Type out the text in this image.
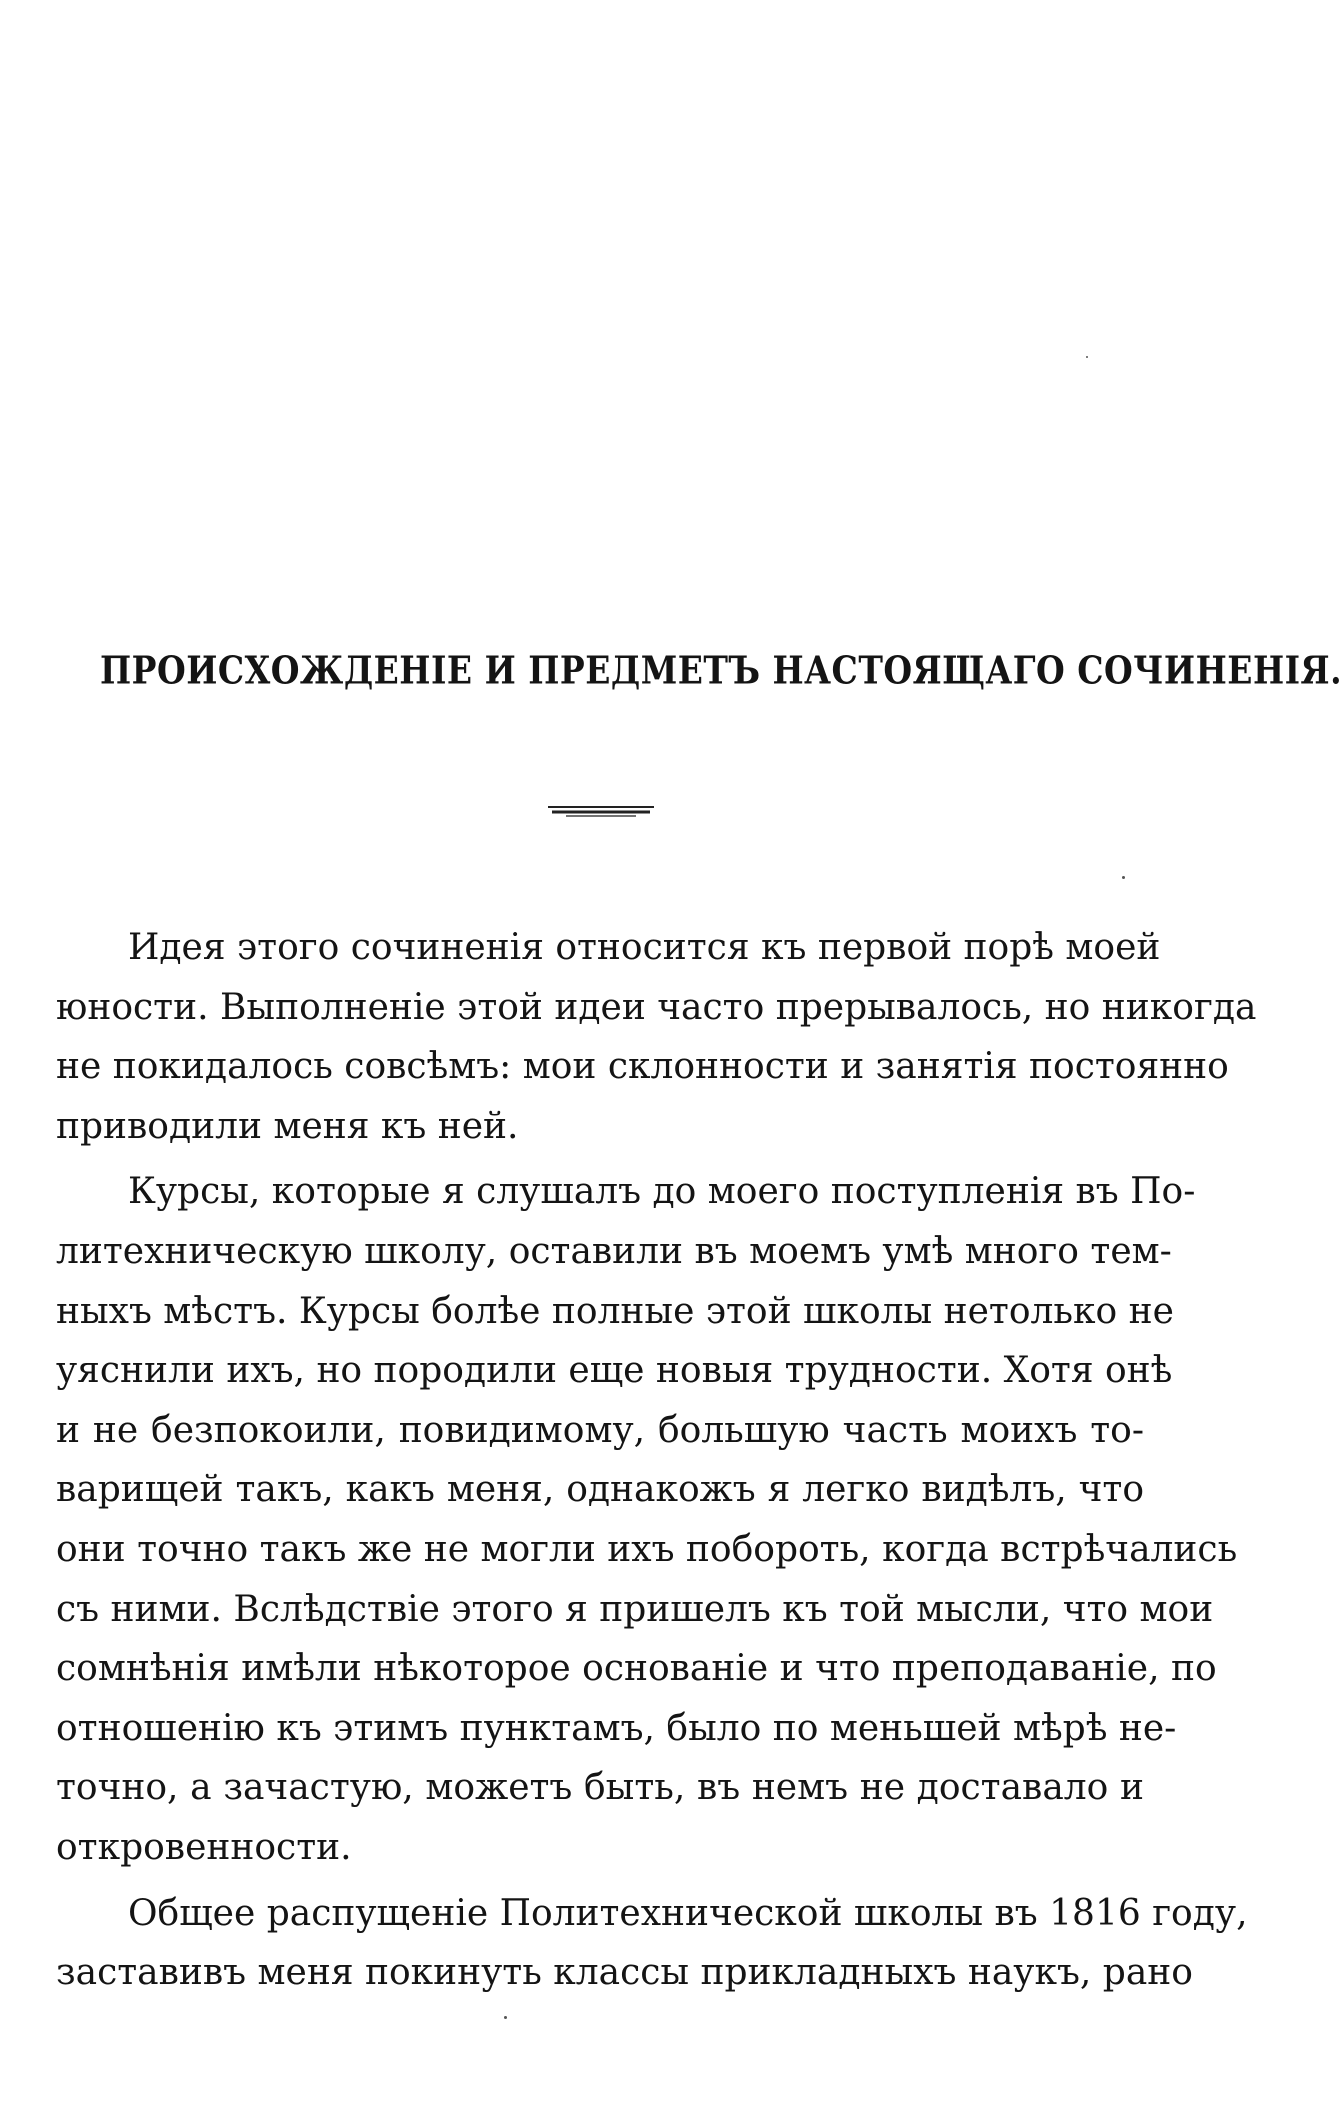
ПРОИСХОЖДЕНІЕ И ПРЕДМЕТЪ НАСТОЯЩАГО СОЧИНЕНІЯ.
Идея этого сочиненія относится къ первой порѣ моей
юности. Выполненіе этой идеи часто прерывалось, но никогда
не покидалось совсѣмъ: мои склонности и занятія постоянно
приводили меня къ ней.
Курсы, которые я слушалъ до моего поступленія въ По-
литехническую школу, оставили въ моемъ умѣ много тем-
ныхъ мѣстъ. Курсы болѣе полные этой школы нетолько не
уяснили ихъ, но породили еще новыя трудности. Хотя онѣ
и не безпокоили, повидимому, большую часть моихъ то-
варищей такъ, какъ меня, однакожъ я легко видѣлъ, что
они точно такъ же не могли ихъ побороть, когда встрѣчались
съ ними. Вслѣдствіе этого я пришелъ къ той мысли, что мои
сомнѣнія имѣли нѣкоторое основаніе и что преподаваніе, по
отношенію къ этимъ пунктамъ, было по меньшей мѣрѣ не-
точно, а зачастую, можетъ быть, въ немъ не доставало и
откровенности.
Общее распущеніе Политехнической школы въ 1816 году,
заставивъ меня покинуть классы прикладныхъ наукъ, рано
